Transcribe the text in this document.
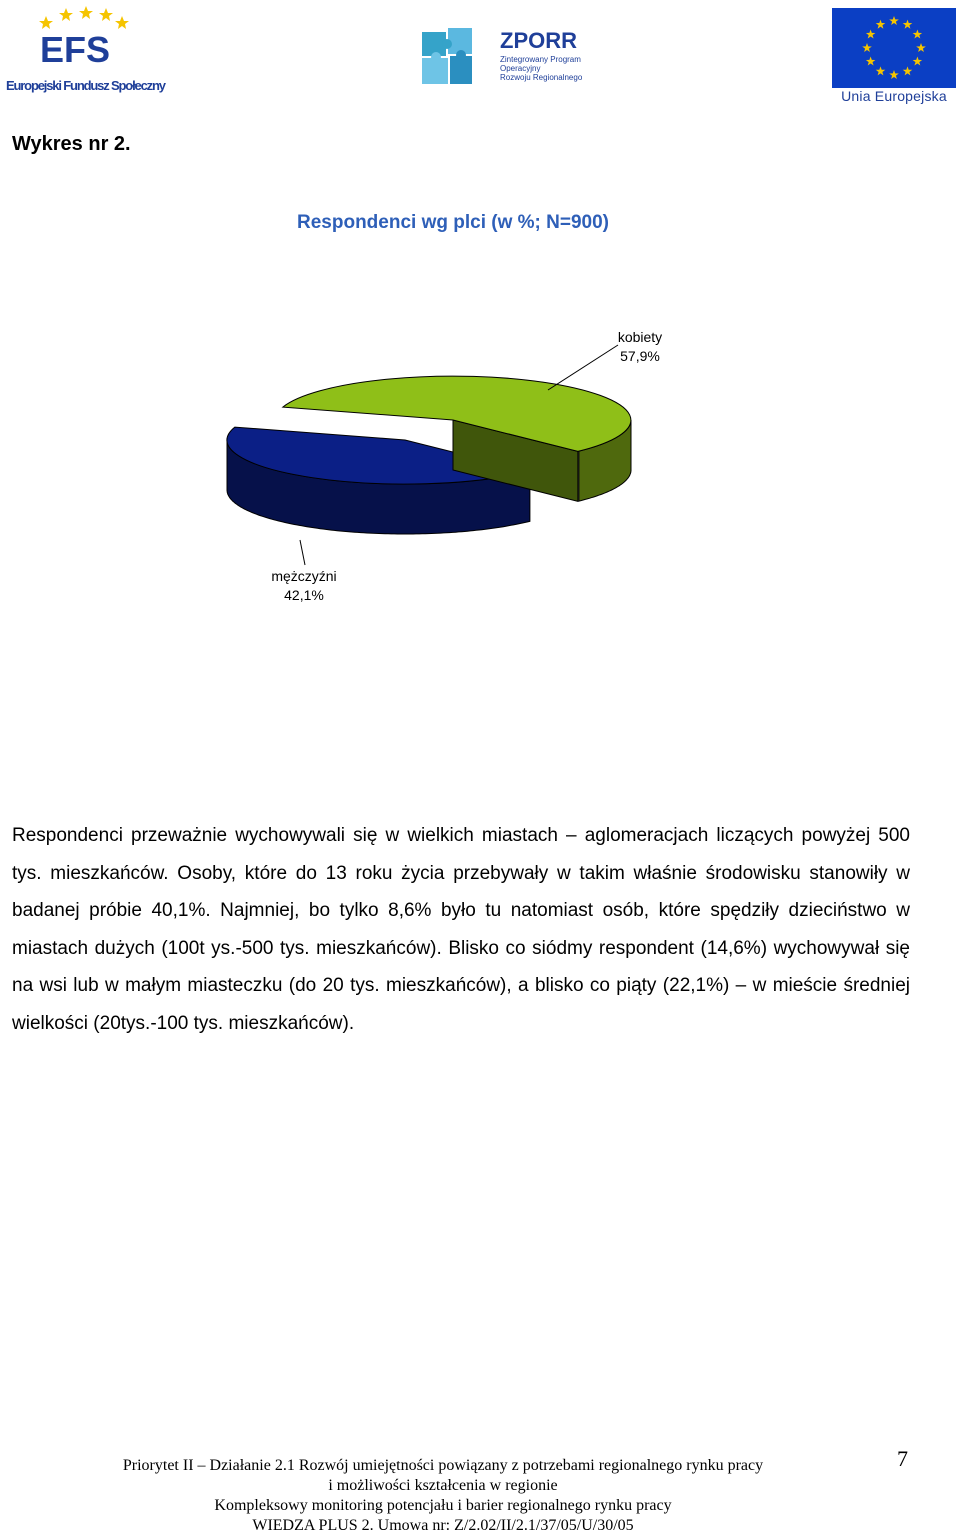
EFS
Europejski Fundusz Społeczny
ZPORR
Zintegrowany Program
Operacyjny
Rozwoju Regionalnego
Unia Europejska
Wykres nr 2.
Respondenci wg plci (w %; N=900)
kobiety
57,9%
mężczyźni
42,1%

Respondenci przeważnie wychowywali się w wielkich miastach – aglomeracjach liczących powyżej 500 tys. mieszkańców. Osoby, które do 13 roku życia przebywały w takim właśnie środowisku stanowiły w badanej próbie 40,1%. Najmniej, bo tylko 8,6% było tu natomiast osób, które spędziły dzieciństwo w miastach dużych (100t ys.-500 tys. mieszkańców). Blisko co siódmy respondent (14,6%) wychowywał się na wsi lub w małym miasteczku (do 20 tys. mieszkańców), a blisko co piąty (22,1%) – w mieście średniej wielkości (20tys.-100 tys. mieszkańców).

7
Priorytet II – Działanie 2.1 Rozwój umiejętności powiązany z potrzebami regionalnego rynku pracy
i możliwości kształcenia w regionie
Kompleksowy monitoring potencjału i barier regionalnego rynku pracy
WIEDZA PLUS 2. Umowa nr: Z/2.02/II/2.1/37/05/U/30/05
